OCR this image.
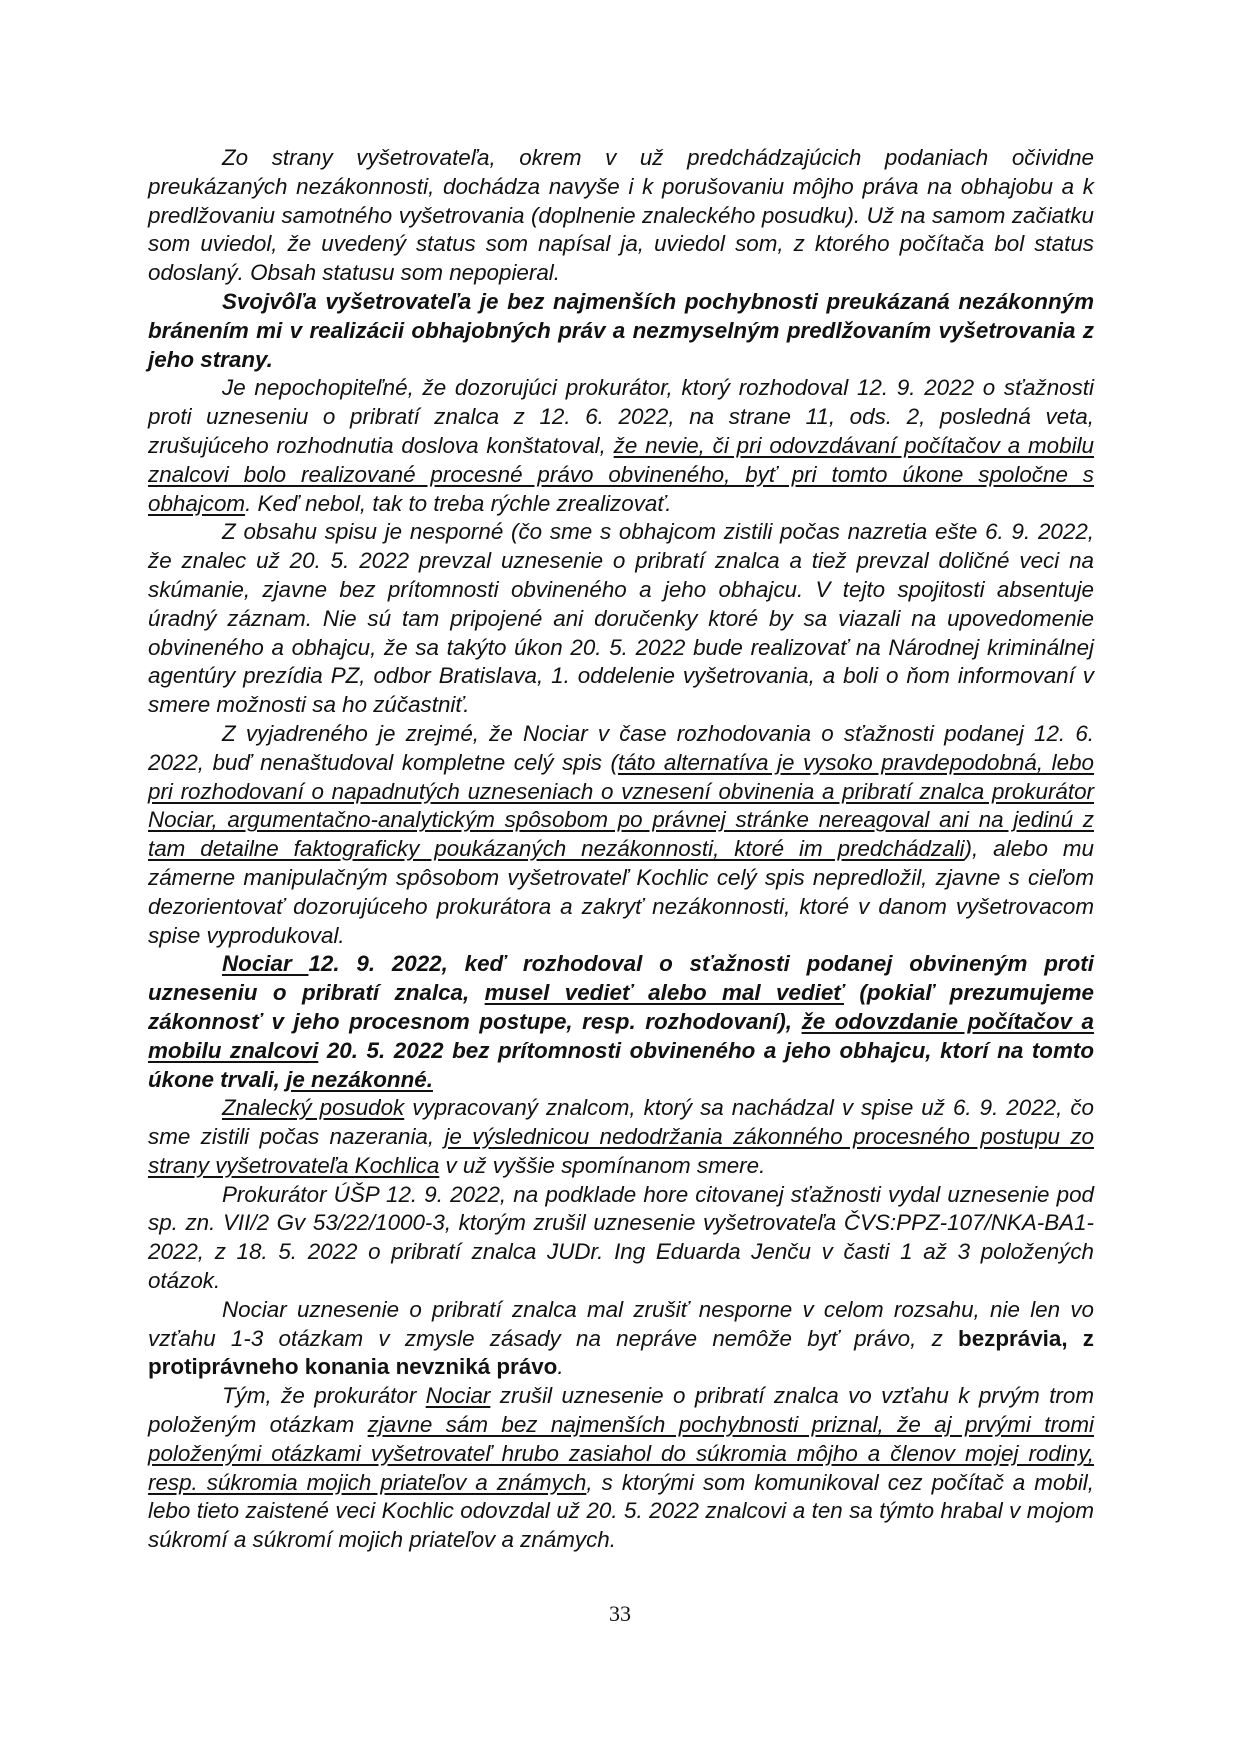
Zo strany vyšetrovateľa, okrem v už predchádzajúcich podaniach očividne preukázaných nezákonnosti, dochádza navyše i k porušovaniu môjho práva na obhajobu a k predlžovaniu samotného vyšetrovania (doplnenie znaleckého posudku). Už na samom začiatku som uviedol, že uvedený status som napísal ja, uviedol som, z ktorého počítača bol status odoslaný. Obsah statusu som nepopieral.

Svojvôľa vyšetrovateľa je bez najmenších pochybnosti preukázaná nezákonným bránením mi v realizácii obhajobných práv a nezmyselným predlžovaním vyšetrovania z jeho strany.

Je nepochopiteľné, že dozorujúci prokurátor, ktorý rozhodoval 12. 9. 2022 o sťažnosti proti uzneseniu o pribratí znalca z 12. 6. 2022, na strane 11, ods. 2, posledná veta, zrušujúceho rozhodnutia doslova konštatoval, že nevie, či pri odovzdávaní počítačov a mobilu znalcovi bolo realizované procesné právo obvineného, byť pri tomto úkone spoločne s obhajcom. Keď nebol, tak to treba rýchle zrealizovať.

Z obsahu spisu je nesporné (čo sme s obhajcom zistili počas nazretia ešte 6. 9. 2022, že znalec už 20. 5. 2022 prevzal uznesenie o pribratí znalca a tiež prevzal doličné veci na skúmanie, zjavne bez prítomnosti obvineného a jeho obhajcu. V tejto spojitosti absentuje úradný záznam. Nie sú tam pripojené ani doručenky ktoré by sa viazali na upovedomenie obvineného a obhajcu, že sa takýto úkon 20. 5. 2022 bude realizovať na Národnej kriminálnej agentúry prezídia PZ, odbor Bratislava, 1. oddelenie vyšetrovania, a boli o ňom informovaní v smere možnosti sa ho zúčastniť.

Z vyjadreného je zrejmé, že Nociar v čase rozhodovania o sťažnosti podanej 12. 6. 2022, buď nenaštudoval kompletne celý spis (táto alternatíva je vysoko pravdepodobná, lebo pri rozhodovaní o napadnutých uzneseniach o vznesení obvinenia a pribratí znalca prokurátor Nociar, argumentačno-analytickým spôsobom po právnej stránke nereagoval ani na jedinú z tam detailne faktograficky poukázaných nezákonnosti, ktoré im predchádzali), alebo mu zámerne manipulačným spôsobom vyšetrovateľ Kochlic celý spis nepredložil, zjavne s cieľom dezorientovať dozorujúceho prokurátora a zakryť nezákonnosti, ktoré v danom vyšetrovacom spise vyprodukoval.

Nociar 12. 9. 2022, keď rozhodoval o sťažnosti podanej obvineným proti uzneseniu o pribratí znalca, musel vedieť alebo mal vedieť (pokiaľ prezumujeme zákonnosť v jeho procesnom postupe, resp. rozhodovaní), že odovzdanie počítačov a mobilu znalcovi 20. 5. 2022 bez prítomnosti obvineného a jeho obhajcu, ktorí na tomto úkone trvali, je nezákonné.

Znalecký posudok vypracovaný znalcom, ktorý sa nachádzal v spise už 6. 9. 2022, čo sme zistili počas nazerania, je výslednicou nedodržania zákonného procesného postupu zo strany vyšetrovateľa Kochlica v už vyššie spomínanom smere.

Prokurátor ÚŠP 12. 9. 2022, na podklade hore citovanej sťažnosti vydal uznesenie pod sp. zn. VII/2 Gv 53/22/1000-3, ktorým zrušil uznesenie vyšetrovateľa ČVS:PPZ-107/NKA-BA1-2022, z 18. 5. 2022 o pribratí znalca JUDr. Ing Eduarda Jenču v časti 1 až 3 položených otázok.

Nociar uznesenie o pribratí znalca mal zrušiť nesporne v celom rozsahu, nie len vo vzťahu 1-3 otázkam v zmysle zásady na neprávе nemôže byť právo, z bezprávia, z protiprávneho konania nevzniká právo.

Tým, že prokurátor Nociar zrušil uznesenie o pribratí znalca vo vzťahu k prvým trom položeným otázkam zjavne sám bez najmenších pochybnosti priznal, že aj prvými tromi položenými otázkami vyšetrovateľ hrubo zasiahol do súkromia môjho a členov mojej rodiny, resp. súkromia mojich priateľov a známych, s ktorými som komunikoval cez počítač a mobil, lebo tieto zaistené veci Kochlic odovzdal už 20. 5. 2022 znalcovi a ten sa týmto hrabal v mojom súkromí a súkromí mojich priateľov a známych.

33
